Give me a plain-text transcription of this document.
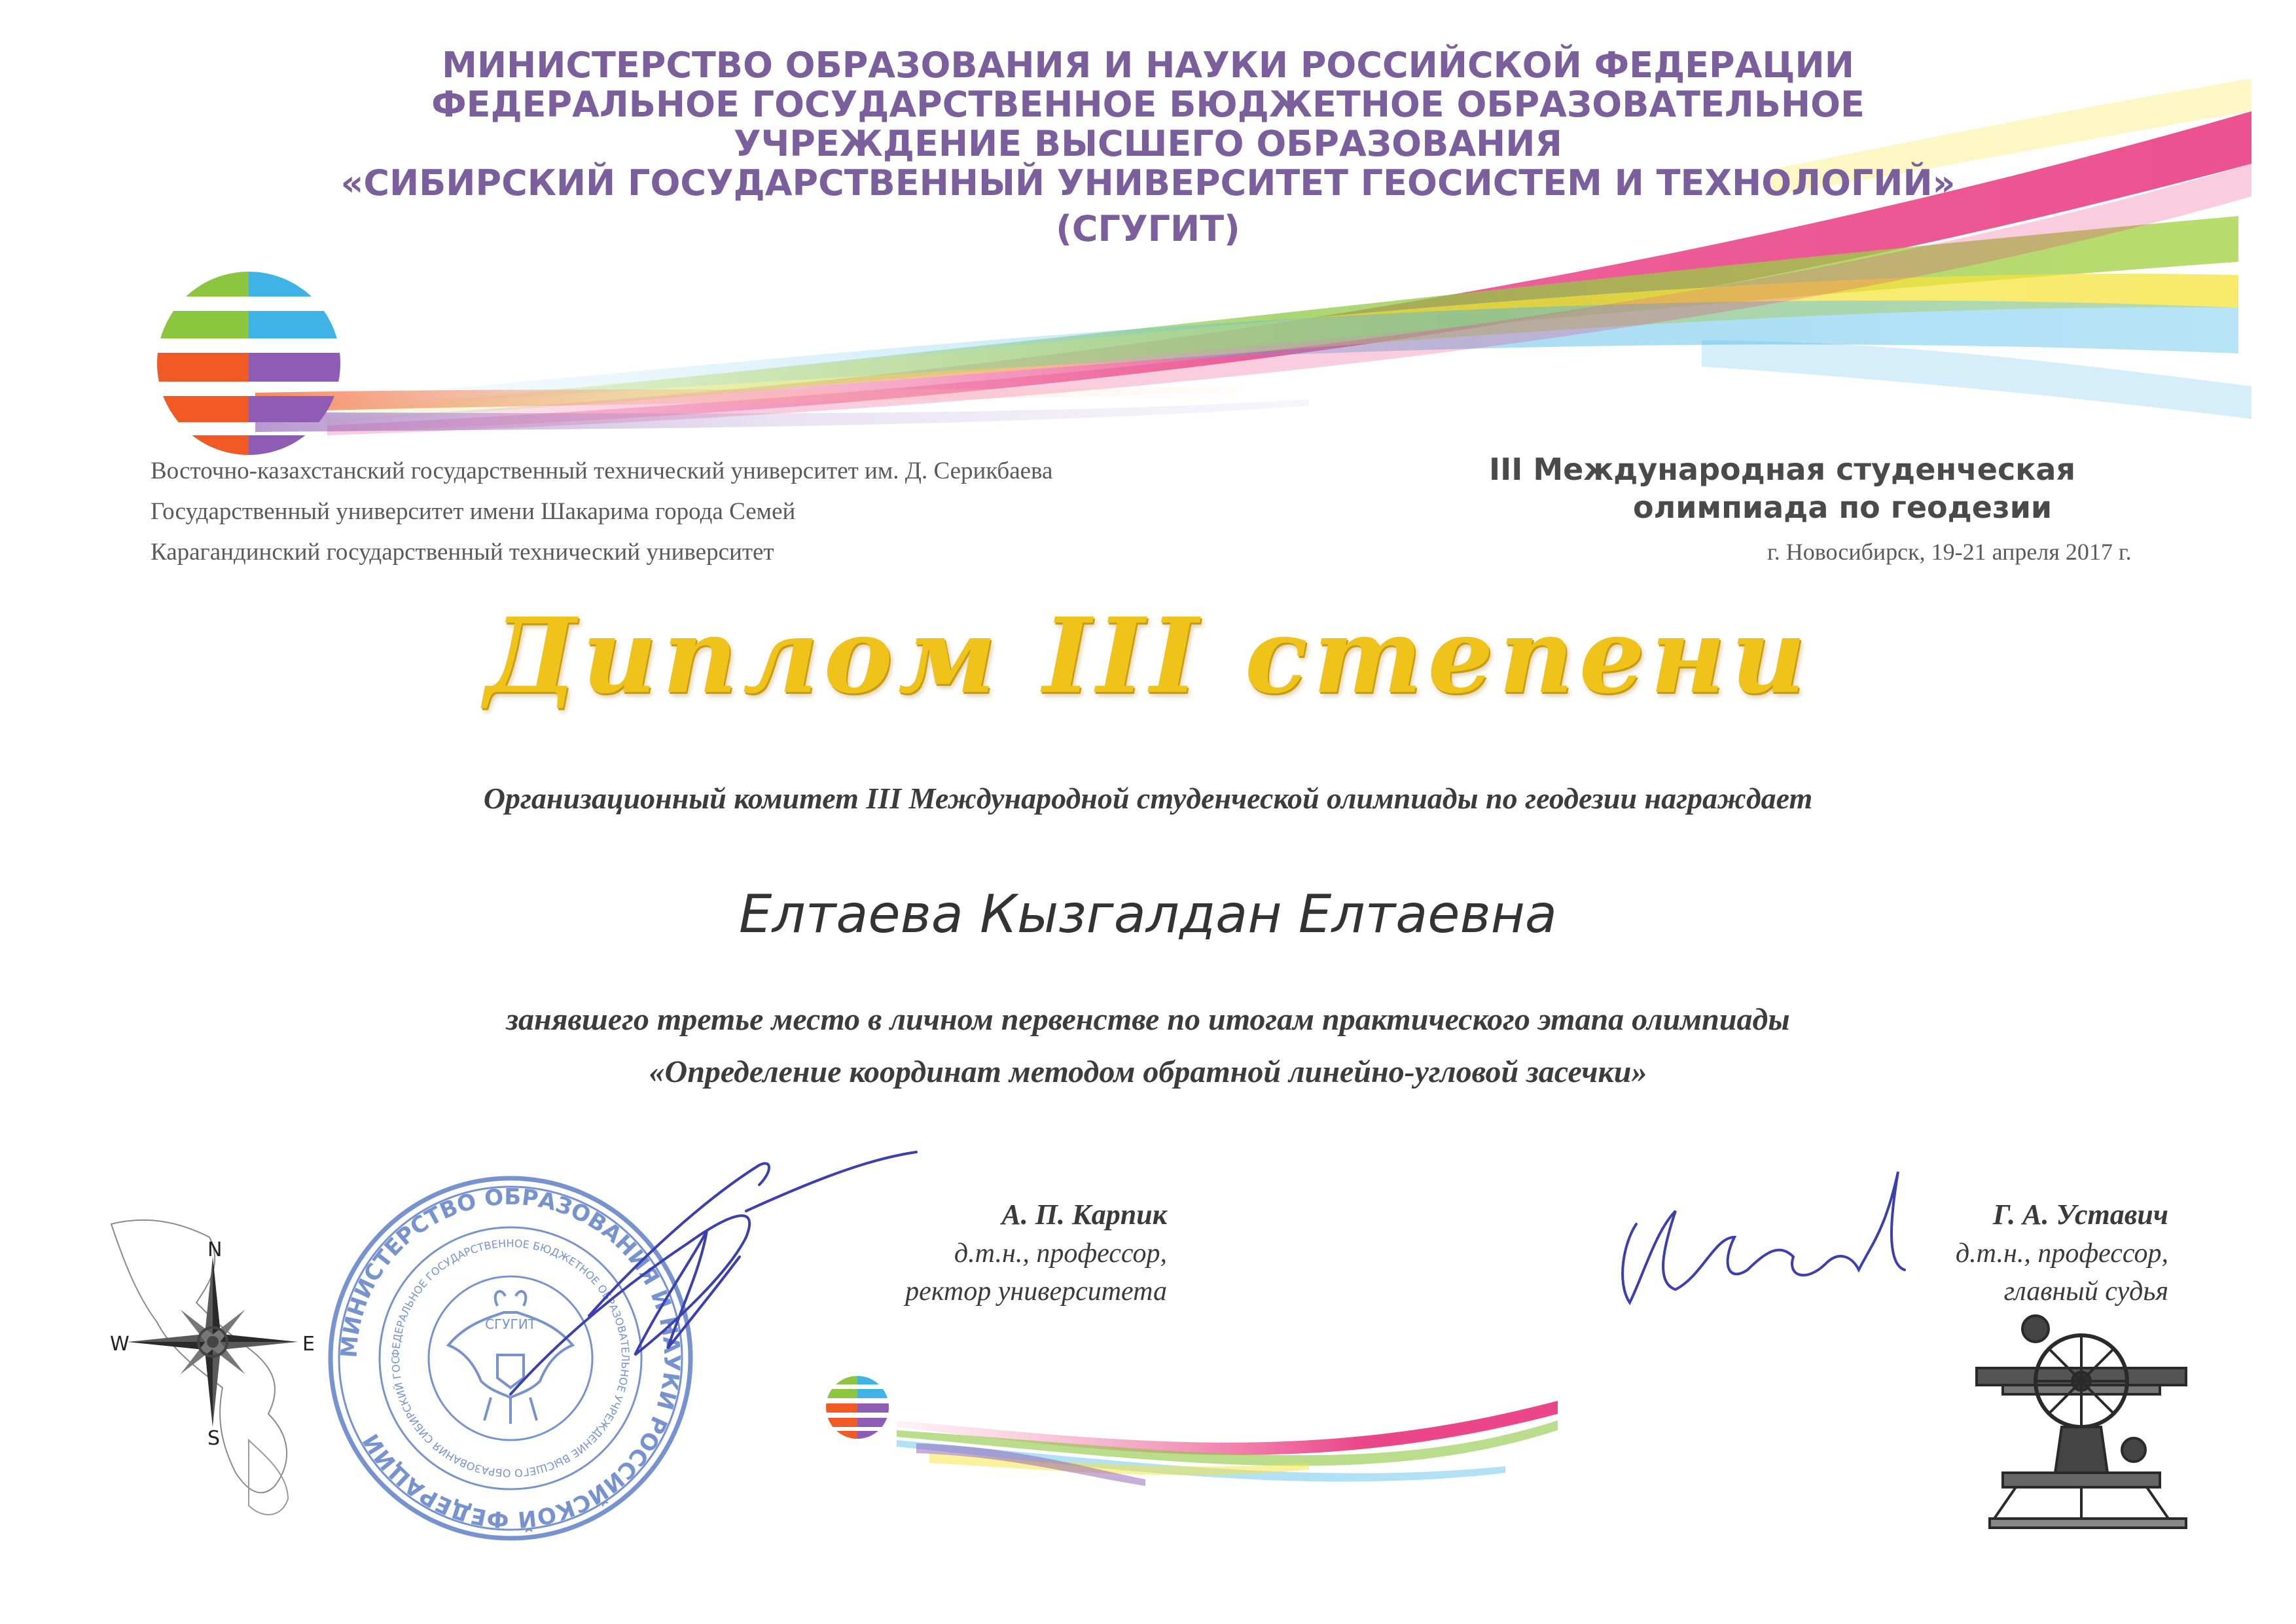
МИНИСТЕРСТВО ОБРАЗОВАНИЯ И НАУКИ РОССИЙСКОЙ ФЕДЕРАЦИИ
ФЕДЕРАЛЬНОЕ ГОСУДАРСТВЕННОЕ БЮДЖЕТНОЕ ОБРАЗОВАТЕЛЬНОЕ УЧРЕЖДЕНИЕ ВЫСШЕГО ОБРАЗОВАНИЯ СИБИРСКИЙ ГОСУДАРСТВЕННЫЙ УНИВЕРСИТЕТ ГЕОСИСТЕМ И ТЕХНОЛОГИЙ
СГУГИТ
МИНИСТЕРСТВО ОБРАЗОВАНИЯ И НАУКИ РОССИЙСКОЙ ФЕДЕРАЦИИ
ФЕДЕРАЛЬНОЕ ГОСУДАРСТВЕННОЕ БЮДЖЕТНОЕ ОБРАЗОВАТЕЛЬНОЕ
УЧРЕЖДЕНИЕ ВЫСШЕГО ОБРАЗОВАНИЯ
«СИБИРСКИЙ ГОСУДАРСТВЕННЫЙ УНИВЕРСИТЕТ ГЕОСИСТЕМ И ТЕХНОЛОГИЙ»
(СГУГИТ)
Восточно-казахстанский государственный технический университет им. Д. Серикбаева
Государственный университет имени Шакарима города Семей
Карагандинский государственный технический университет
III Международная студенческая
олимпиада по геодезии
г. Новосибирск, 19-21 апреля 2017 г.
Диплом III степени
Организационный комитет III Международной студенческой олимпиады по геодезии награждает
Елтаева Кызгалдан Елтаевна
занявшего третье место в личном первенстве по итогам практического этапа олимпиады
«Определение координат методом обратной линейно-угловой засечки»
А. П. Карпик
д.т.н., профессор,
ректор университета
Г. А. Уставич
д.т.н., профессор,
главный судья
N
S
W	E
